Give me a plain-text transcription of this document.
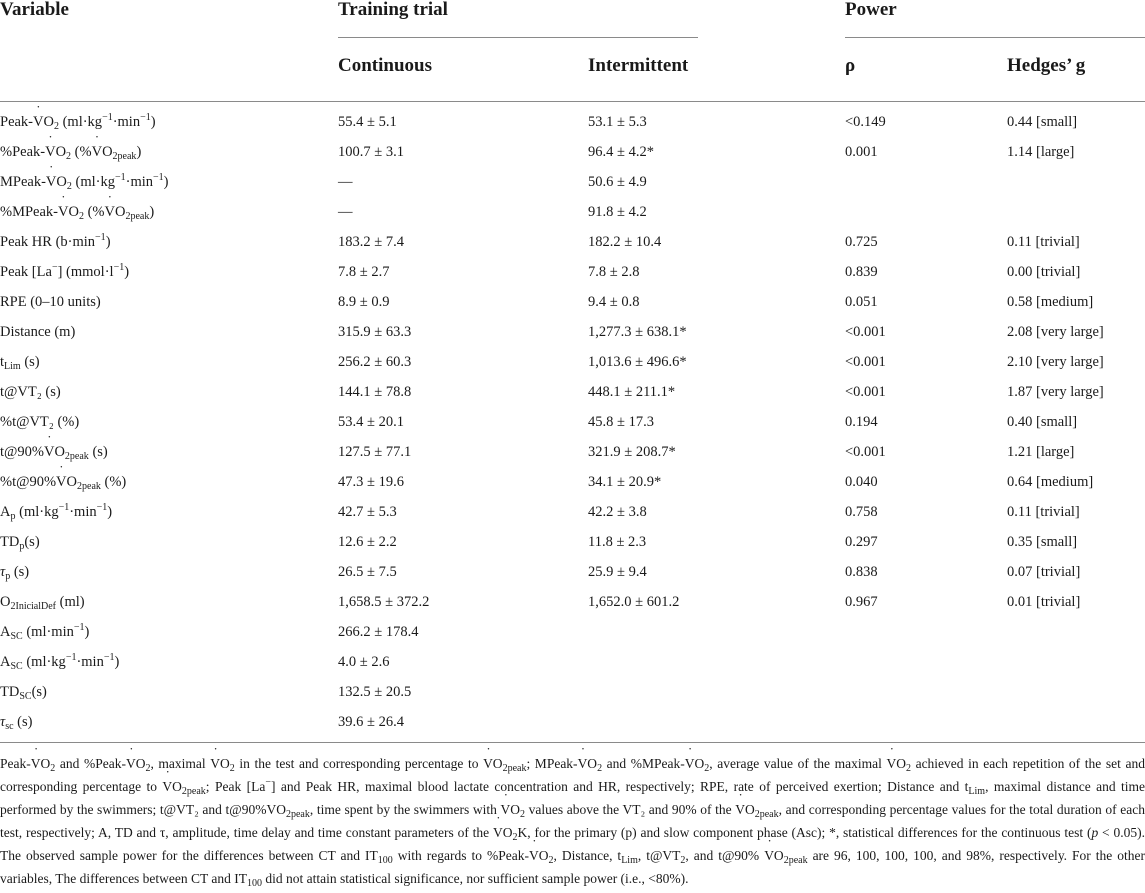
Variable	Training trial	Power
Continuous	Intermittent	ρ	Hedges’ g
Peak-˙ $VO_2$ $(ml\cdot kg^{-1}\cdot\min^{-1})$	55.4 ± 5.1	53.1 ± 5.3	<0.149	0.44 [small]
%Peak-˙ $VO_2$ (%˙ $VO_{2peak}$)	100.7 ± 3.1	96.4 ± 4.2*	0.001	1.14 [large]
MPeak-˙ $VO_2$ $(ml\cdot kg^{-1}\cdot\min^{-1})$	—	50.6 ± 4.9
%MPeak-˙ $VO_2$ (%˙ $VO_{2peak}$)	—	91.8 ± 4.2
Peak HR $(b\cdot\min^{-1})$	183.2 ± 7.4	182.2 ± 10.4	0.725	0.11 [trivial]
Peak [La−] $(mmol\cdot l^{-1})$	7.8 ± 2.7	7.8 ± 2.8	0.839	0.00 [trivial]
RPE (0–10 units)	8.9 ± 0.9	9.4 ± 0.8	0.051	0.58 [medium]
Distance (m)	315.9 ± 63.3	1,277.3 ± 638.1*	<0.001	2.08 [very large]
$t_{Lim}$ (s)	256.2 ± 60.3	1,013.6 ± 496.6*	<0.001	2.10 [very large]
t@VT₂ (s)	144.1 ± 78.8	448.1 ± 211.1*	<0.001	1.87 [very large]
%t@VT₂ (%)	53.4 ± 20.1	45.8 ± 17.3	0.194	0.40 [small]
t@90%˙ $VO_{2peak}$ (s)	127.5 ± 77.1	321.9 ± 208.7*	<0.001	1.21 [large]
%t@90%˙ $VO_{2peak}$ (%)	47.3 ± 19.6	34.1 ± 20.9*	0.040	0.64 [medium]
$A_p$ $(ml\cdot kg^{-1}\cdot\min^{-1})$	42.7 ± 5.3	42.2 ± 3.8	0.758	0.11 [trivial]
$TD_p(s)$	12.6 ± 2.2	11.8 ± 2.3	0.297	0.35 [small]
$\tau_p$ (s)	26.5 ± 7.5	25.9 ± 9.4	0.838	0.07 [trivial]
$O_{2InicialDef}$ (ml)	1,658.5 ± 372.2	1,652.0 ± 601.2	0.967	0.01 [trivial]
$A_{SC}$ $(ml\cdot\min^{-1})$	266.2 ± 178.4
$A_{SC}$ $(ml\cdot kg^{-1}\cdot\min^{-1})$	4.0 ± 2.6
$TD_{SC}(s)$	132.5 ± 20.5
$\tau_{sc}$ (s)	39.6 ± 26.4

Peak-˙ $VO_2$ and %Peak-˙ $VO_2$, maximal ˙ $VO_2$ in the test and corresponding percentage to ˙ $VO_{2peak}$; MPeak-˙ $VO_2$ and %MPeak-˙ $VO_2$, average value of the maximal ˙ $VO_2$ achieved in each repetition of the set and corresponding percentage to ˙ $VO_{2peak}$; Peak [La−] and Peak HR, maximal blood lactate concentration and HR, respectively; RPE, rate of perceived exertion; Distance and $t_{Lim}$, maximal distance and time performed by the swimmers; t@VT₂ and $t@90\%VO_{2peak}$, time spent by the swimmers with ˙ $VO_2$ values above the VT₂ and 90% of the ˙ $VO_{2peak}$, and corresponding percentage values for the total duration of each test, respectively; A, TD and τ, amplitude, time delay and time constant parameters of the ˙ $VO_2K$, for the primary (p) and slow component phase (Asc); *, statistical differences for the continuous test (p < 0.05). The observed sample power for the differences between CT and $IT_{100}$ with regards to %Peak-˙ $VO_2$, Distance, $t_{Lim}$, $t@VT_2$, and t@90% ˙ $VO_{2peak}$ are 96, 100, 100, 100, and 98%, respectively. For the other variables, The differences between CT and $IT_{100}$ did not attain statistical significance, nor sufficient sample power (i.e., <80%).
